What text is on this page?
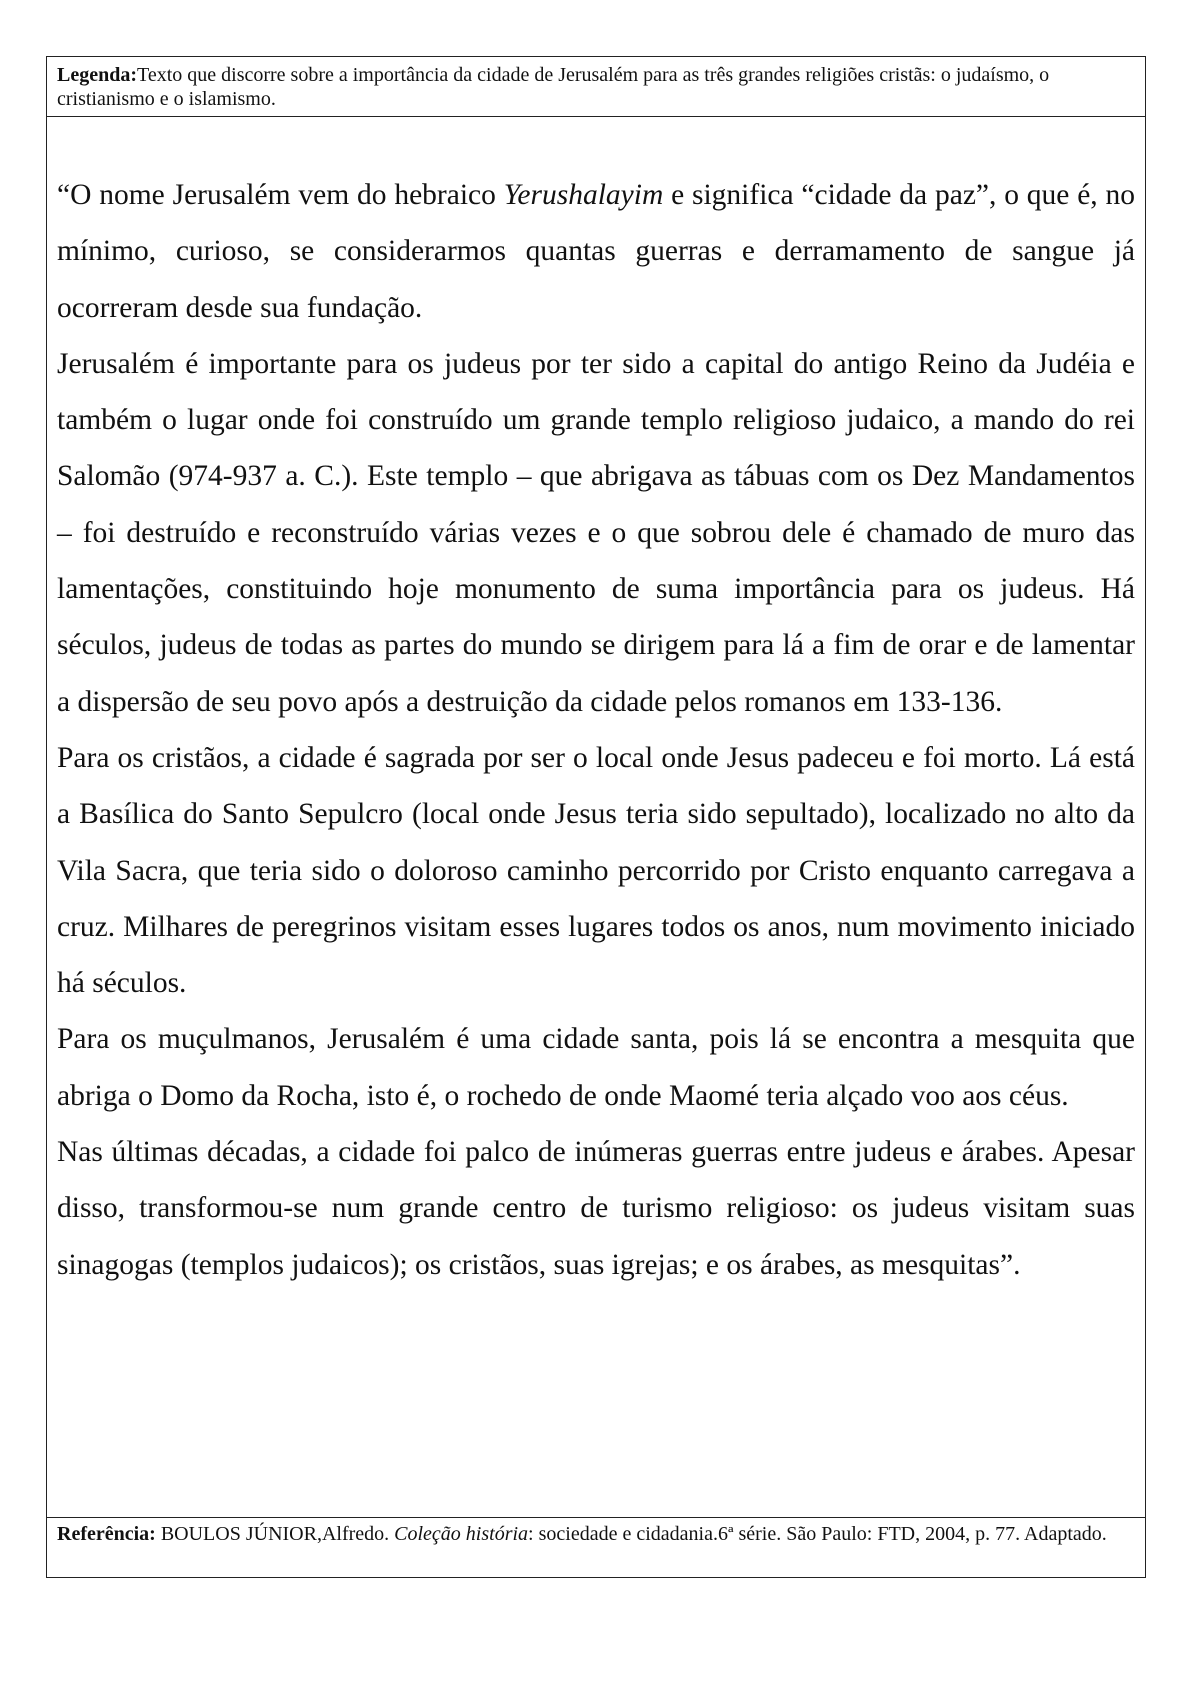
Legenda:Texto que discorre sobre a importância da cidade de Jerusalém para as três grandes religiões cristãs: o judaísmo, o cristianismo e o islamismo.

“O nome Jerusalém vem do hebraico Yerushalayim e significa “cidade da paz”, o que é, no mínimo, curioso, se considerarmos quantas guerras e derramamento de sangue já ocorreram desde sua fundação.

Jerusalém é importante para os judeus por ter sido a capital do antigo Reino da Judéia e também o lugar onde foi construído um grande templo religioso judaico, a mando do rei Salomão (974-937 a. C.). Este templo – que abrigava as tábuas com os Dez Mandamentos – foi destruído e reconstruído várias vezes e o que sobrou dele é chamado de muro das lamentações, constituindo hoje monumento de suma importância para os judeus. Há séculos, judeus de todas as partes do mundo se dirigem para lá a fim de orar e de lamentar a dispersão de seu povo após a destruição da cidade pelos romanos em 133-136.

Para os cristãos, a cidade é sagrada por ser o local onde Jesus padeceu e foi morto. Lá está a Basílica do Santo Sepulcro (local onde Jesus teria sido sepultado), localizado no alto da Vila Sacra, que teria sido o doloroso caminho percorrido por Cristo enquanto carregava a cruz. Milhares de peregrinos visitam esses lugares todos os anos, num movimento iniciado há séculos.

Para os muçulmanos, Jerusalém é uma cidade santa, pois lá se encontra a mesquita que abriga o Domo da Rocha, isto é, o rochedo de onde Maomé teria alçado voo aos céus.

Nas últimas décadas, a cidade foi palco de inúmeras guerras entre judeus e árabes. Apesar disso, transformou-se num grande centro de turismo religioso: os judeus visitam suas sinagogas (templos judaicos); os cristãos, suas igrejas; e os árabes, as mesquitas”.

Referência: BOULOS JÚNIOR,Alfredo. Coleção história: sociedade e cidadania.6ª série. São Paulo: FTD, 2004, p. 77. Adaptado.
